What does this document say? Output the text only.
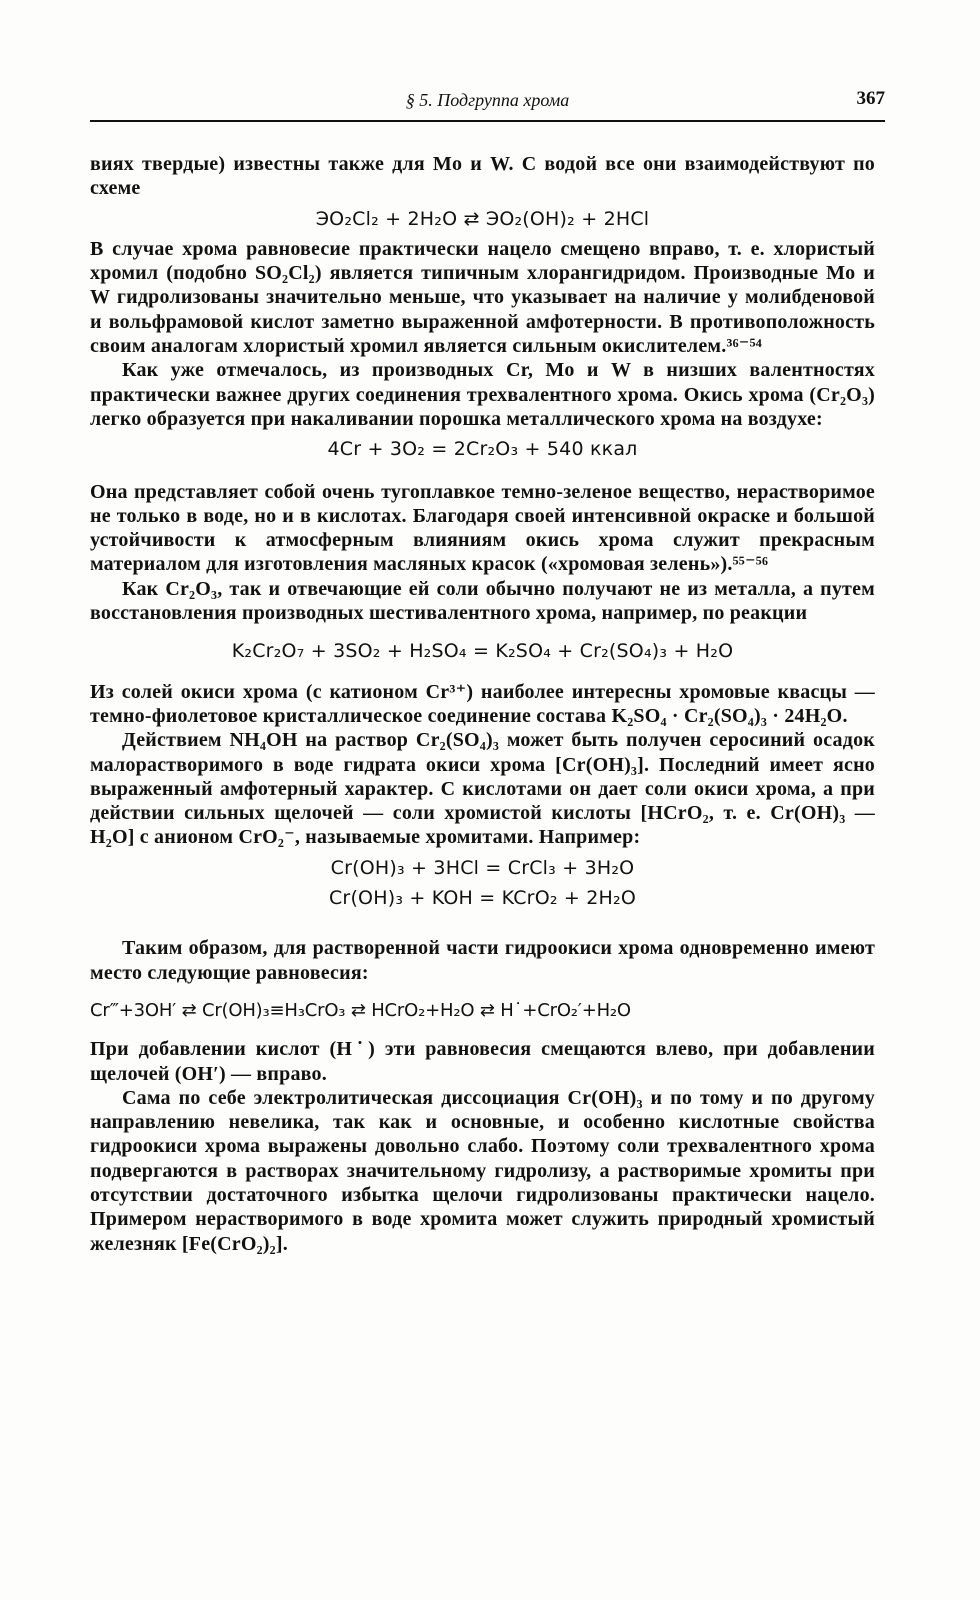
§ 5. Подгруппа хрома	367

виях твердые) известны также для Mo и W. С водой все они взаимодействуют по схеме

ЭO₂Cl₂ + 2H₂O ⇄ ЭO₂(OH)₂ + 2HCl

В случае хрома равновесие практически нацело смещено вправо, т. е. хлористый хромил (подобно SO₂Cl₂) является типичным хлорангидридом. Производные Mo и W гидролизованы значительно меньше, что указывает на наличие у молибденовой и вольфрамовой кислот заметно выраженной амфотерности. В противоположность своим аналогам хлористый хромил является сильным окислителем.³⁶⁻⁵⁴

Как уже отмечалось, из производных Cr, Mo и W в низших валентностях практически важнее других соединения трехвалентного хрома. Окись хрома (Cr₂O₃) легко образуется при накаливании порошка металлического хрома на воздухе:

4Cr + 3O₂ = 2Cr₂O₃ + 540 ккал

Она представляет собой очень тугоплавкое темно-зеленое вещество, нерастворимое не только в воде, но и в кислотах. Благодаря своей интенсивной окраске и большой устойчивости к атмосферным влияниям окись хрома служит прекрасным материалом для изготовления масляных красок («хромовая зелень»).⁵⁵⁻⁵⁶

Как Cr₂O₃, так и отвечающие ей соли обычно получают не из металла, а путем восстановления производных шестивалентного хрома, например, по реакции

K₂Cr₂O₇ + 3SO₂ + H₂SO₄ = K₂SO₄ + Cr₂(SO₄)₃ + H₂O

Из солей окиси хрома (с катионом Cr³⁺) наиболее интересны хромовые квасцы — темно-фиолетовое кристаллическое соединение состава K₂SO₄ · Cr₂(SO₄)₃ · 24H₂O.

Действием NH₄OH на раствор Cr₂(SO₄)₃ может быть получен серосиний осадок малорастворимого в воде гидрата окиси хрома [Cr(OH)₃]. Последний имеет ясно выраженный амфотерный характер. С кислотами он дает соли окиси хрома, а при действии сильных щелочей — соли хромистой кислоты [HCrO₂, т. е. Cr(OH)₃ — H₂O] с анионом CrO₂⁻, называемые хромитами. Например:

Cr(OH)₃ + 3HCl = CrCl₃ + 3H₂O
Cr(OH)₃ + KOH = KCrO₂ + 2H₂O

Таким образом, для растворенной части гидроокиси хрома одновременно имеют место следующие равновесия:

Cr‴+3OH′ ⇄ Cr(OH)₃≡H₃CrO₃ ⇄ HCrO₂+H₂O ⇄ H˙+CrO₂′+H₂O

При добавлении кислот (H˙) эти равновесия смещаются влево, при добавлении щелочей (OH′) — вправо.

Сама по себе электролитическая диссоциация Cr(OH)₃ и по тому и по другому направлению невелика, так как и основные, и особенно кислотные свойства гидроокиси хрома выражены довольно слабо. Поэтому соли трехвалентного хрома подвергаются в растворах значительному гидролизу, а растворимые хромиты при отсутствии достаточного избытка щелочи гидролизованы практически нацело. Примером нерастворимого в воде хромита может служить природный хромистый железняк [Fe(CrO₂)₂].
